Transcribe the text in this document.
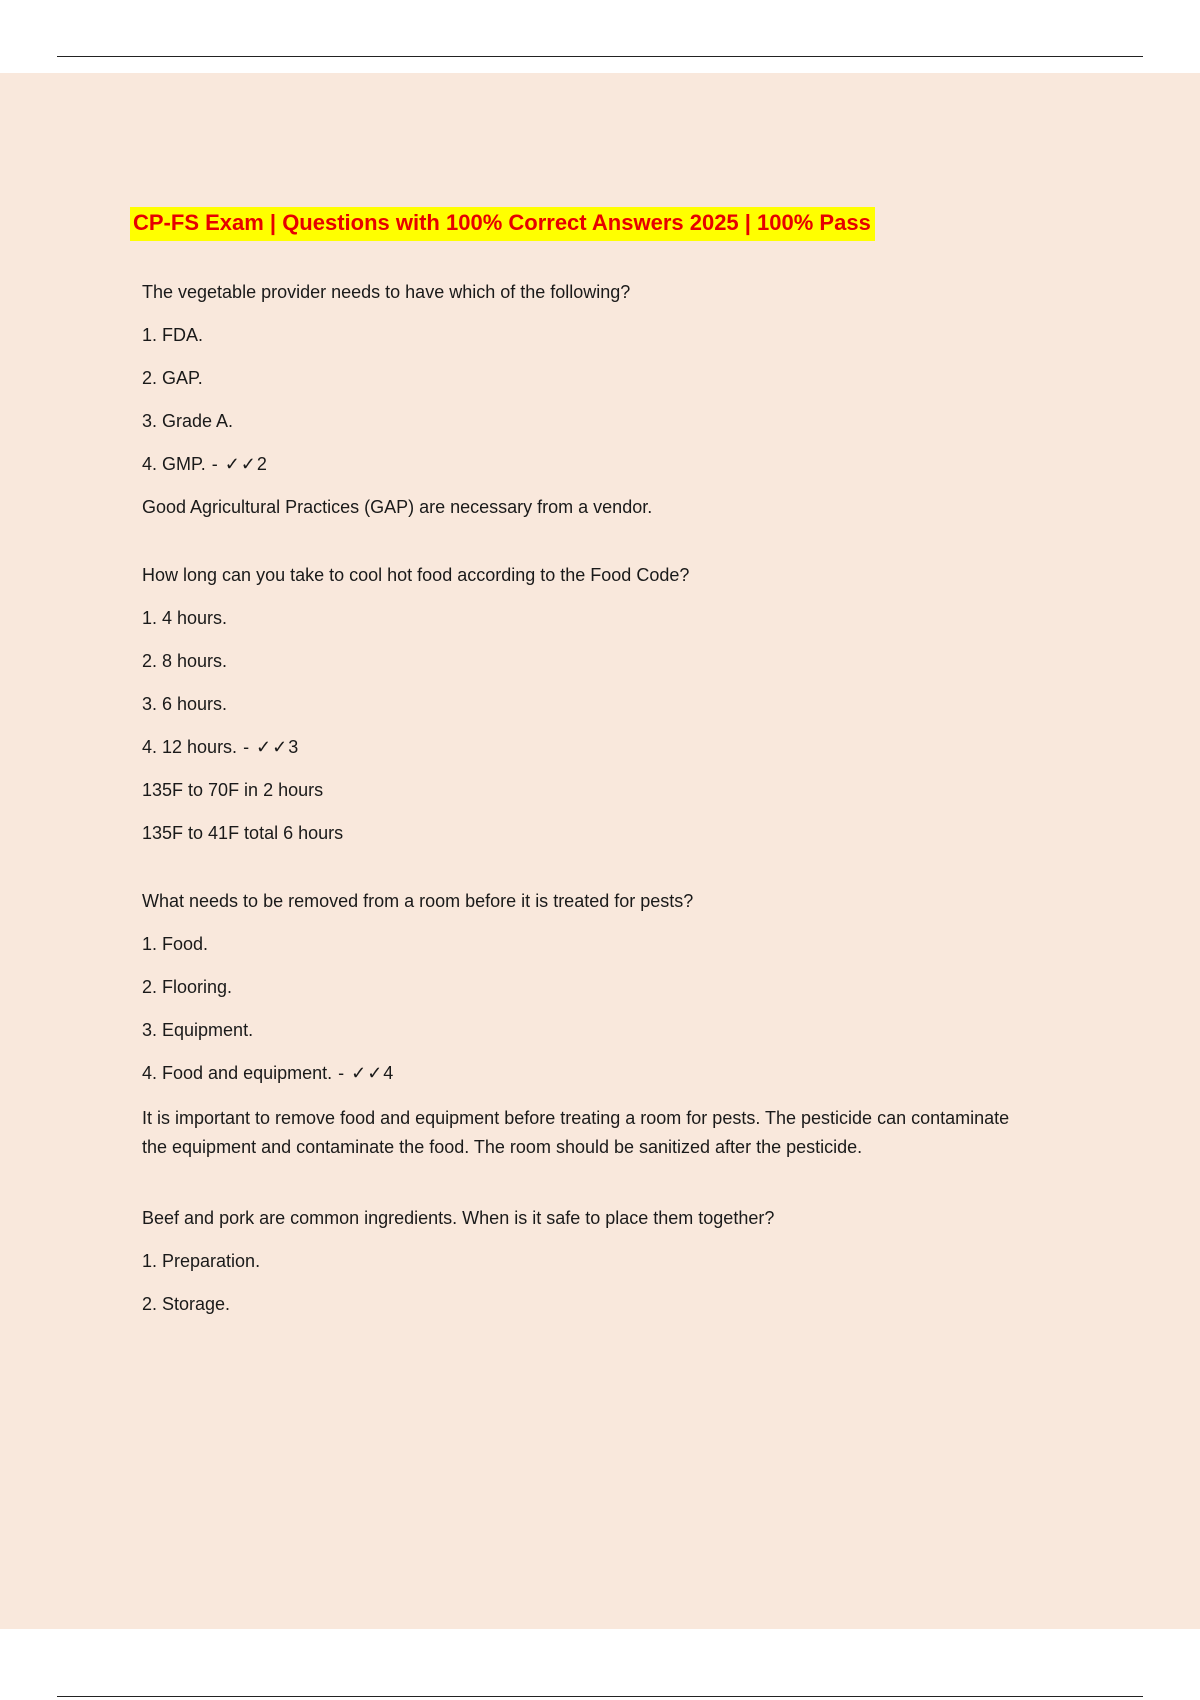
CP-FS Exam | Questions with 100% Correct Answers 2025 | 100% Pass

The vegetable provider needs to have which of the following?

1. FDA.

2. GAP.

3. Grade A.

4. GMP. - ✓✓2

Good Agricultural Practices (GAP) are necessary from a vendor.

How long can you take to cool hot food according to the Food Code?

1. 4 hours.

2. 8 hours.

3. 6 hours.

4. 12 hours. - ✓✓3

135F to 70F in 2 hours

135F to 41F total 6 hours

What needs to be removed from a room before it is treated for pests?

1. Food.

2. Flooring.

3. Equipment.

4. Food and equipment. - ✓✓4

It is important to remove food and equipment before treating a room for pests. The pesticide can contaminate the equipment and contaminate the food. The room should be sanitized after the pesticide.

Beef and pork are common ingredients. When is it safe to place them together?

1. Preparation.

2. Storage.
